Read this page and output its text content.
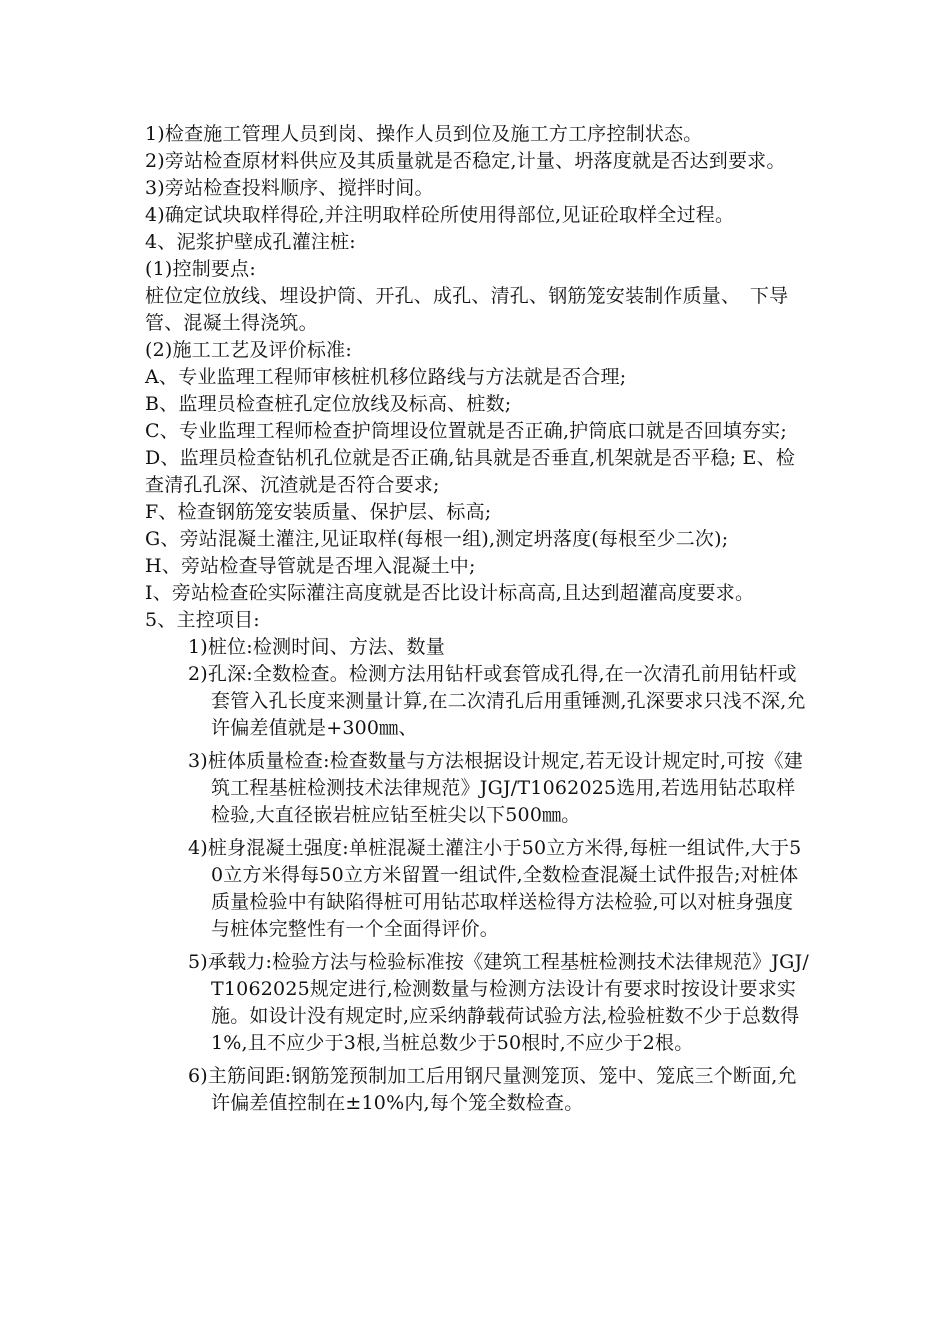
1)检查施工管理人员到岗、操作人员到位及施工方工序控制状态。

2)旁站检查原材料供应及其质量就是否稳定,计量、坍落度就是否达到要求。

3)旁站检查投料顺序、搅拌时间。

4)确定试块取样得砼,并注明取样砼所使用得部位,见证砼取样全过程。

4、泥浆护壁成孔灌注桩:

(1)控制要点:

桩位定位放线、埋设护筒、开孔、成孔、清孔、钢筋笼安装制作质量、　下导管、混凝土得浇筑。

(2)施工工艺及评价标准:

A、专业监理工程师审核桩机移位路线与方法就是否合理;

B、监理员检查桩孔定位放线及标高、桩数;

C、专业监理工程师检查护筒埋设位置就是否正确,护筒底口就是否回填夯实;

D、监理员检查钻机孔位就是否正确,钻具就是否垂直,机架就是否平稳; E、检查清孔孔深、沉渣就是否符合要求;

F、检查钢筋笼安装质量、保护层、标高;

G、旁站混凝土灌注,见证取样(每根一组),测定坍落度(每根至少二次);

H、旁站检查导管就是否埋入混凝土中;

I、旁站检查砼实际灌注高度就是否比设计标高高,且达到超灌高度要求。

5、主控项目:

1)桩位:检测时间、方法、数量
2)孔深:全数检查。检测方法用钻杆或套管成孔得,在一次清孔前用钻杆或套管入孔长度来测量计算,在二次清孔后用重锤测,孔深要求只浅不深,允许偏差值就是+300㎜、
3)桩体质量检查:检查数量与方法根据设计规定,若无设计规定时,可按《建筑工程基桩检测技术法律规范》JGJ/T1062025选用,若选用钻芯取样检验,大直径嵌岩桩应钻至桩尖以下500㎜。
4)桩身混凝土强度:单桩混凝土灌注小于50立方米得,每桩一组试件,大于50立方米得每50立方米留置一组试件,全数检查混凝土试件报告;对桩体质量检验中有缺陷得桩可用钻芯取样送检得方法检验,可以对桩身强度与桩体完整性有一个全面得评价。
5)承载力:检验方法与检验标准按《建筑工程基桩检测技术法律规范》JGJ/T1062025规定进行,检测数量与检测方法设计有要求时按设计要求实施。如设计没有规定时,应采纳静载荷试验方法,检验桩数不少于总数得1%,且不应少于3根,当桩总数少于50根时,不应少于2根。
6)主筋间距:钢筋笼预制加工后用钢尺量测笼顶、笼中、笼底三个断面,允许偏差值控制在±10%内,每个笼全数检查。
